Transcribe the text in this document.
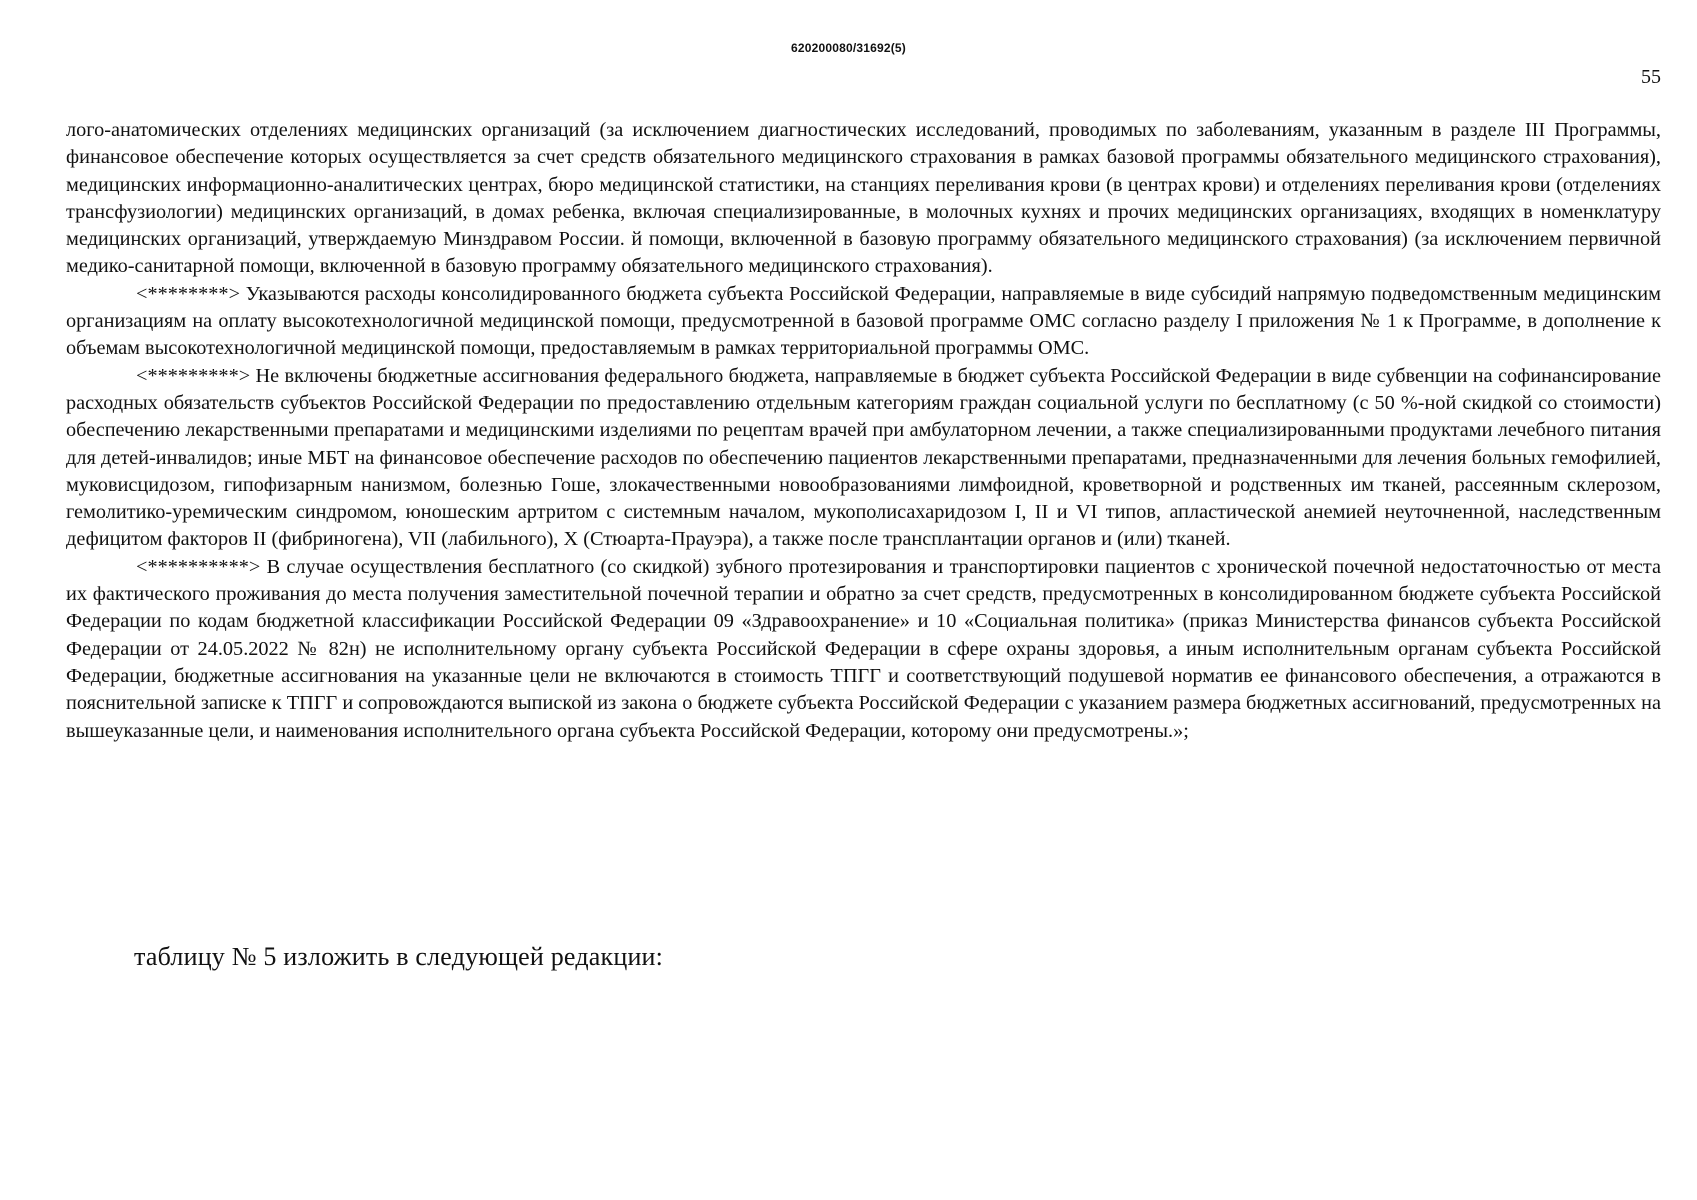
620200080/31692(5)
55

лого-анатомических отделениях медицинских организаций (за исключением диагностических исследований, проводимых по заболеваниям, указанным в разделе III Программы, финансовое обеспечение которых осуществляется за счет средств обязательного медицинского страхования в рамках базовой программы обязательного медицинского страхования), медицинских информационно-аналитических центрах, бюро медицинской статистики, на станциях переливания крови (в центрах крови) и отделениях переливания крови (отделениях трансфузиологии) медицинских организаций, в домах ребенка, включая специализированные, в молочных кухнях и прочих медицинских организациях, входящих в номенклатуру медицинских организаций, утверждаемую Минздравом России. й помощи, включенной в базовую программу обязательного медицинского страхования) (за исключением первичной медико-санитарной помощи, включенной в базовую программу обязательного медицинского страхования).

<********> Указываются расходы консолидированного бюджета субъекта Российской Федерации, направляемые в виде субсидий напрямую подведомственным медицинским организациям на оплату высокотехнологичной медицинской помощи, предусмотренной в базовой программе ОМС согласно разделу I приложения № 1 к Программе, в дополнение к объемам высокотехнологичной медицинской помощи, предоставляемым в рамках территориальной программы ОМС.

<*********> Не включены бюджетные ассигнования федерального бюджета, направляемые в бюджет субъекта Российской Федерации в виде субвенции на софинансирование расходных обязательств субъектов Российской Федерации по предоставлению отдельным категориям граждан социальной услуги по бесплатному (с 50 %-ной скидкой со стоимости) обеспечению лекарственными препаратами и медицинскими изделиями по рецептам врачей при амбулаторном лечении, а также специализированными продуктами лечебного питания для детей-инвалидов; иные МБТ на финансовое обеспечение расходов по обеспечению пациентов лекарственными препаратами, предназначенными для лечения больных гемофилией, муковисцидозом, гипофизарным нанизмом, болезнью Гоше, злокачественными новообразованиями лимфоидной, кроветворной и родственных им тканей, рассеянным склерозом, гемолитико-уремическим синдромом, юношеским артритом с системным началом, мукополисахаридозом I, II и VI типов, апластической анемией неуточненной, наследственным дефицитом факторов II (фибриногена), VII (лабильного), X (Стюарта-Прауэра), а также после трансплантации органов и (или) тканей.

<**********> В случае осуществления бесплатного (со скидкой) зубного протезирования и транспортировки пациентов с хронической почечной недостаточностью от места их фактического проживания до места получения заместительной почечной терапии и обратно за счет средств, предусмотренных в консолидированном бюджете субъекта Российской Федерации по кодам бюджетной классификации Российской Федерации 09 «Здравоохранение» и 10 «Социальная политика» (приказ Министерства финансов субъекта Российской Федерации от 24.05.2022 № 82н) не исполнительному органу субъекта Российской Федерации в сфере охраны здоровья, а иным исполнительным органам субъекта Российской Федерации, бюджетные ассигнования на указанные цели не включаются в стоимость ТПГГ и соответствующий подушевой норматив ее финансового обеспечения, а отражаются в пояснительной записке к ТПГГ и сопровождаются выпиской из закона о бюджете субъекта Российской Федерации с указанием размера бюджетных ассигнований, предусмотренных на вышеуказанные цели, и наименования исполнительного органа субъекта Российской Федерации, которому они предусмотрены.»;

таблицу № 5 изложить в следующей редакции:
